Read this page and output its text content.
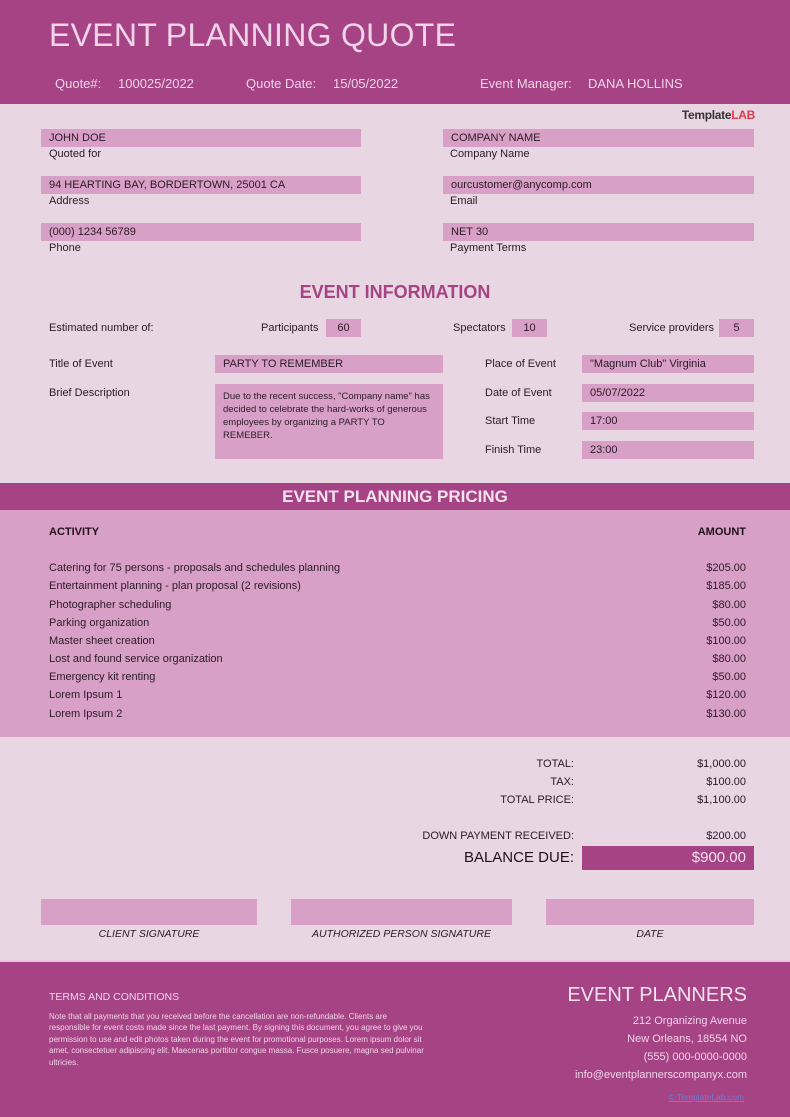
EVENT PLANNING QUOTE
Quote#: 100025/2022	Quote Date: 15/05/2022	Event Manager: DANA HOLLINS
TemplateLAB
JOHN DOE
Quoted for
94 HEARTING BAY, BORDERTOWN, 25001 CA
Address
(000) 1234 56789
Phone
COMPANY NAME
Company Name
ourcustomer@anycomp.com
Email
NET 30
Payment Terms
EVENT INFORMATION
Estimated number of:	Participants	60	Spectators	10	Service providers	5
Title of Event	PARTY TO REMEMBER
Brief Description	Due to the recent success, "Company name" has decided to celebrate the hard-works of generous employees by organizing a PARTY TO REMEBER.
Place of Event	"Magnum Club" Virginia
Date of Event	05/07/2022
Start Time	17:00
Finish Time	23:00
EVENT PLANNING PRICING
ACTIVITY	AMOUNT
Catering for 75 persons - proposals and schedules planning	$205.00
Entertainment planning - plan proposal (2 revisions)	$185.00
Photographer scheduling	$80.00
Parking organization	$50.00
Master sheet creation	$100.00
Lost and found service organization	$80.00
Emergency kit renting	$50.00
Lorem Ipsum 1	$120.00
Lorem Ipsum 2	$130.00
TOTAL:	$1,000.00
TAX:	$100.00
TOTAL PRICE:	$1,100.00
DOWN PAYMENT RECEIVED:	$200.00
BALANCE DUE:	$900.00
CLIENT SIGNATURE	AUTHORIZED PERSON SIGNATURE	DATE
TERMS AND CONDITIONS
Note that all payments that you received before the cancellation are non-refundable. Clients are responsible for event costs made since the last payment. By signing this document, you agree to give you permission to use and edit photos taken during the event for promotional purposes. Lorem ipsum dolor sit amet, consectetuer adipiscing elit. Maecenas porttitor congue massa. Fusce posuere, magna sed pulvinar ultricies.
EVENT PLANNERS
212 Organizing Avenue
New Orleans, 18554 NO
(555) 000-0000-0000
info@eventplannerscompanyx.com
© TemplateLab.com
